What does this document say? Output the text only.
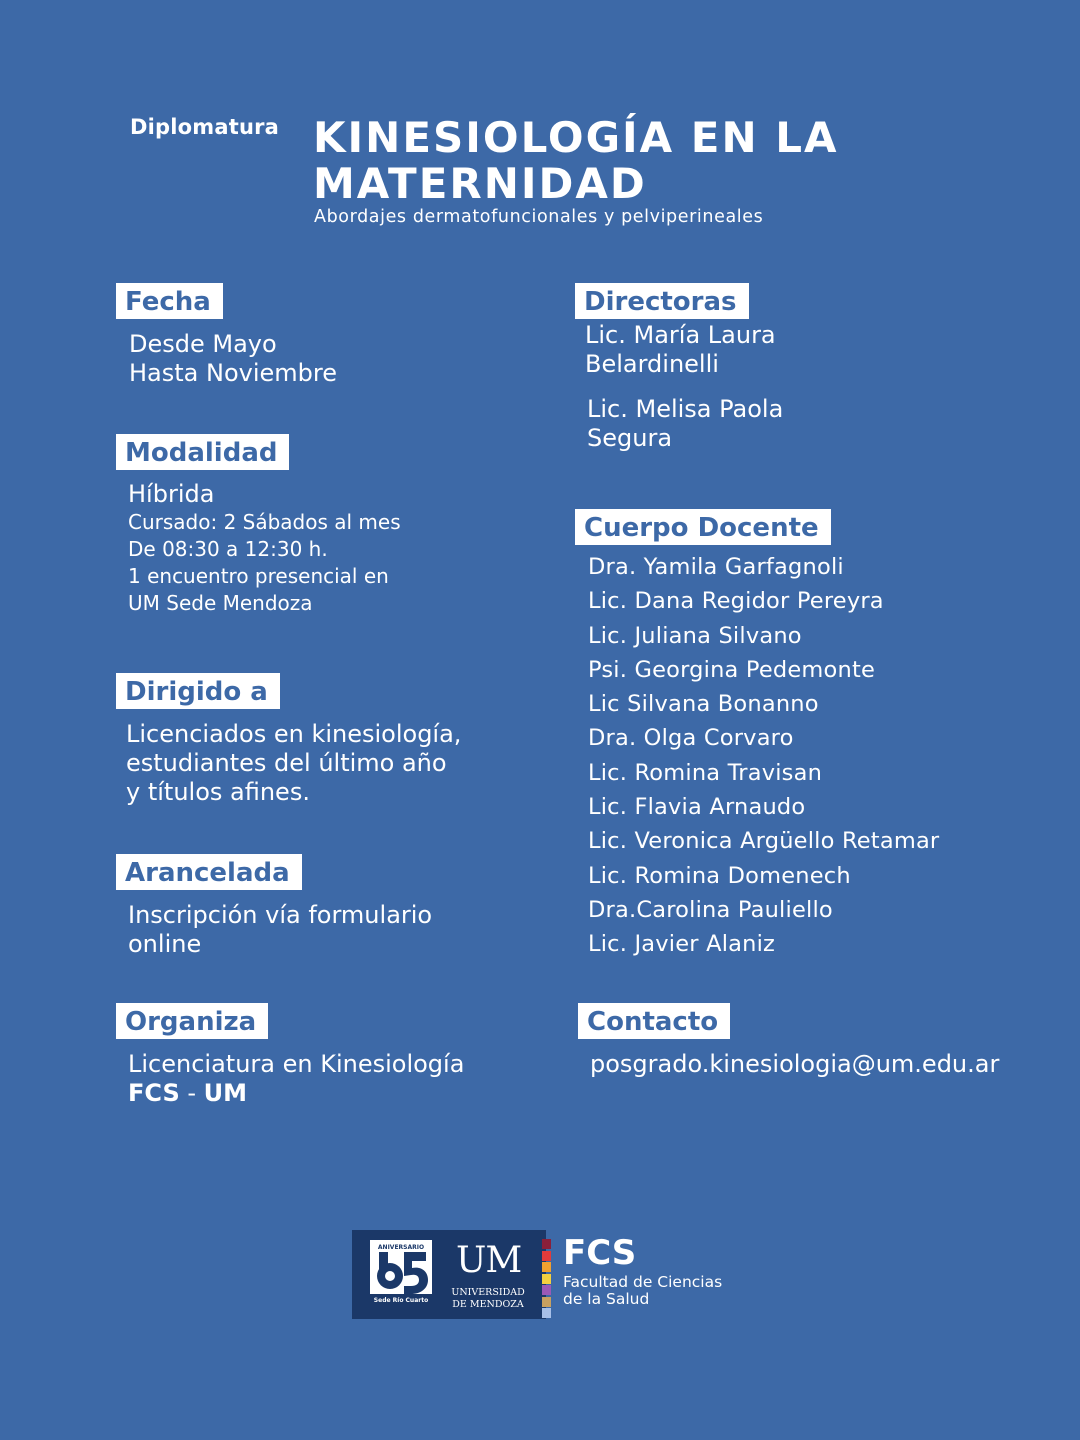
Diplomatura KINESIOLOGÍA EN LA
MATERNIDAD
Abordajes dermatofuncionales y pelviperineales
Fecha
Desde Mayo
Hasta Noviembre
Modalidad
Híbrida
Cursado: 2 Sábados al mes
De 08:30 a 12:30 h.
1 encuentro presencial en
UM Sede Mendoza
Dirigido a
Licenciados en kinesiología,
estudiantes del último año
y títulos afines.
Arancelada
Inscripción vía formulario
online
Organiza
Licenciatura en Kinesiología
FCS - UM
Directoras
Lic. María Laura
Belardinelli
Lic. Melisa Paola
Segura
Cuerpo Docente
Dra. Yamila Garfagnoli
Lic. Dana Regidor Pereyra
Lic. Juliana Silvano
Psi. Georgina Pedemonte
Lic Silvana Bonanno
Dra. Olga Corvaro
Lic. Romina Travisan
Lic. Flavia Arnaudo
Lic. Veronica Argüello Retamar
Lic. Romina Domenech
Dra.Carolina Pauliello
Lic. Javier Alaniz
Contacto
posgrado.kinesiologia@um.edu.ar
ANIVERSARIO
Sede Río Cuarto
UM
UNIVERSIDAD
DE MENDOZA
FCS
Facultad de Ciencias
de la Salud
